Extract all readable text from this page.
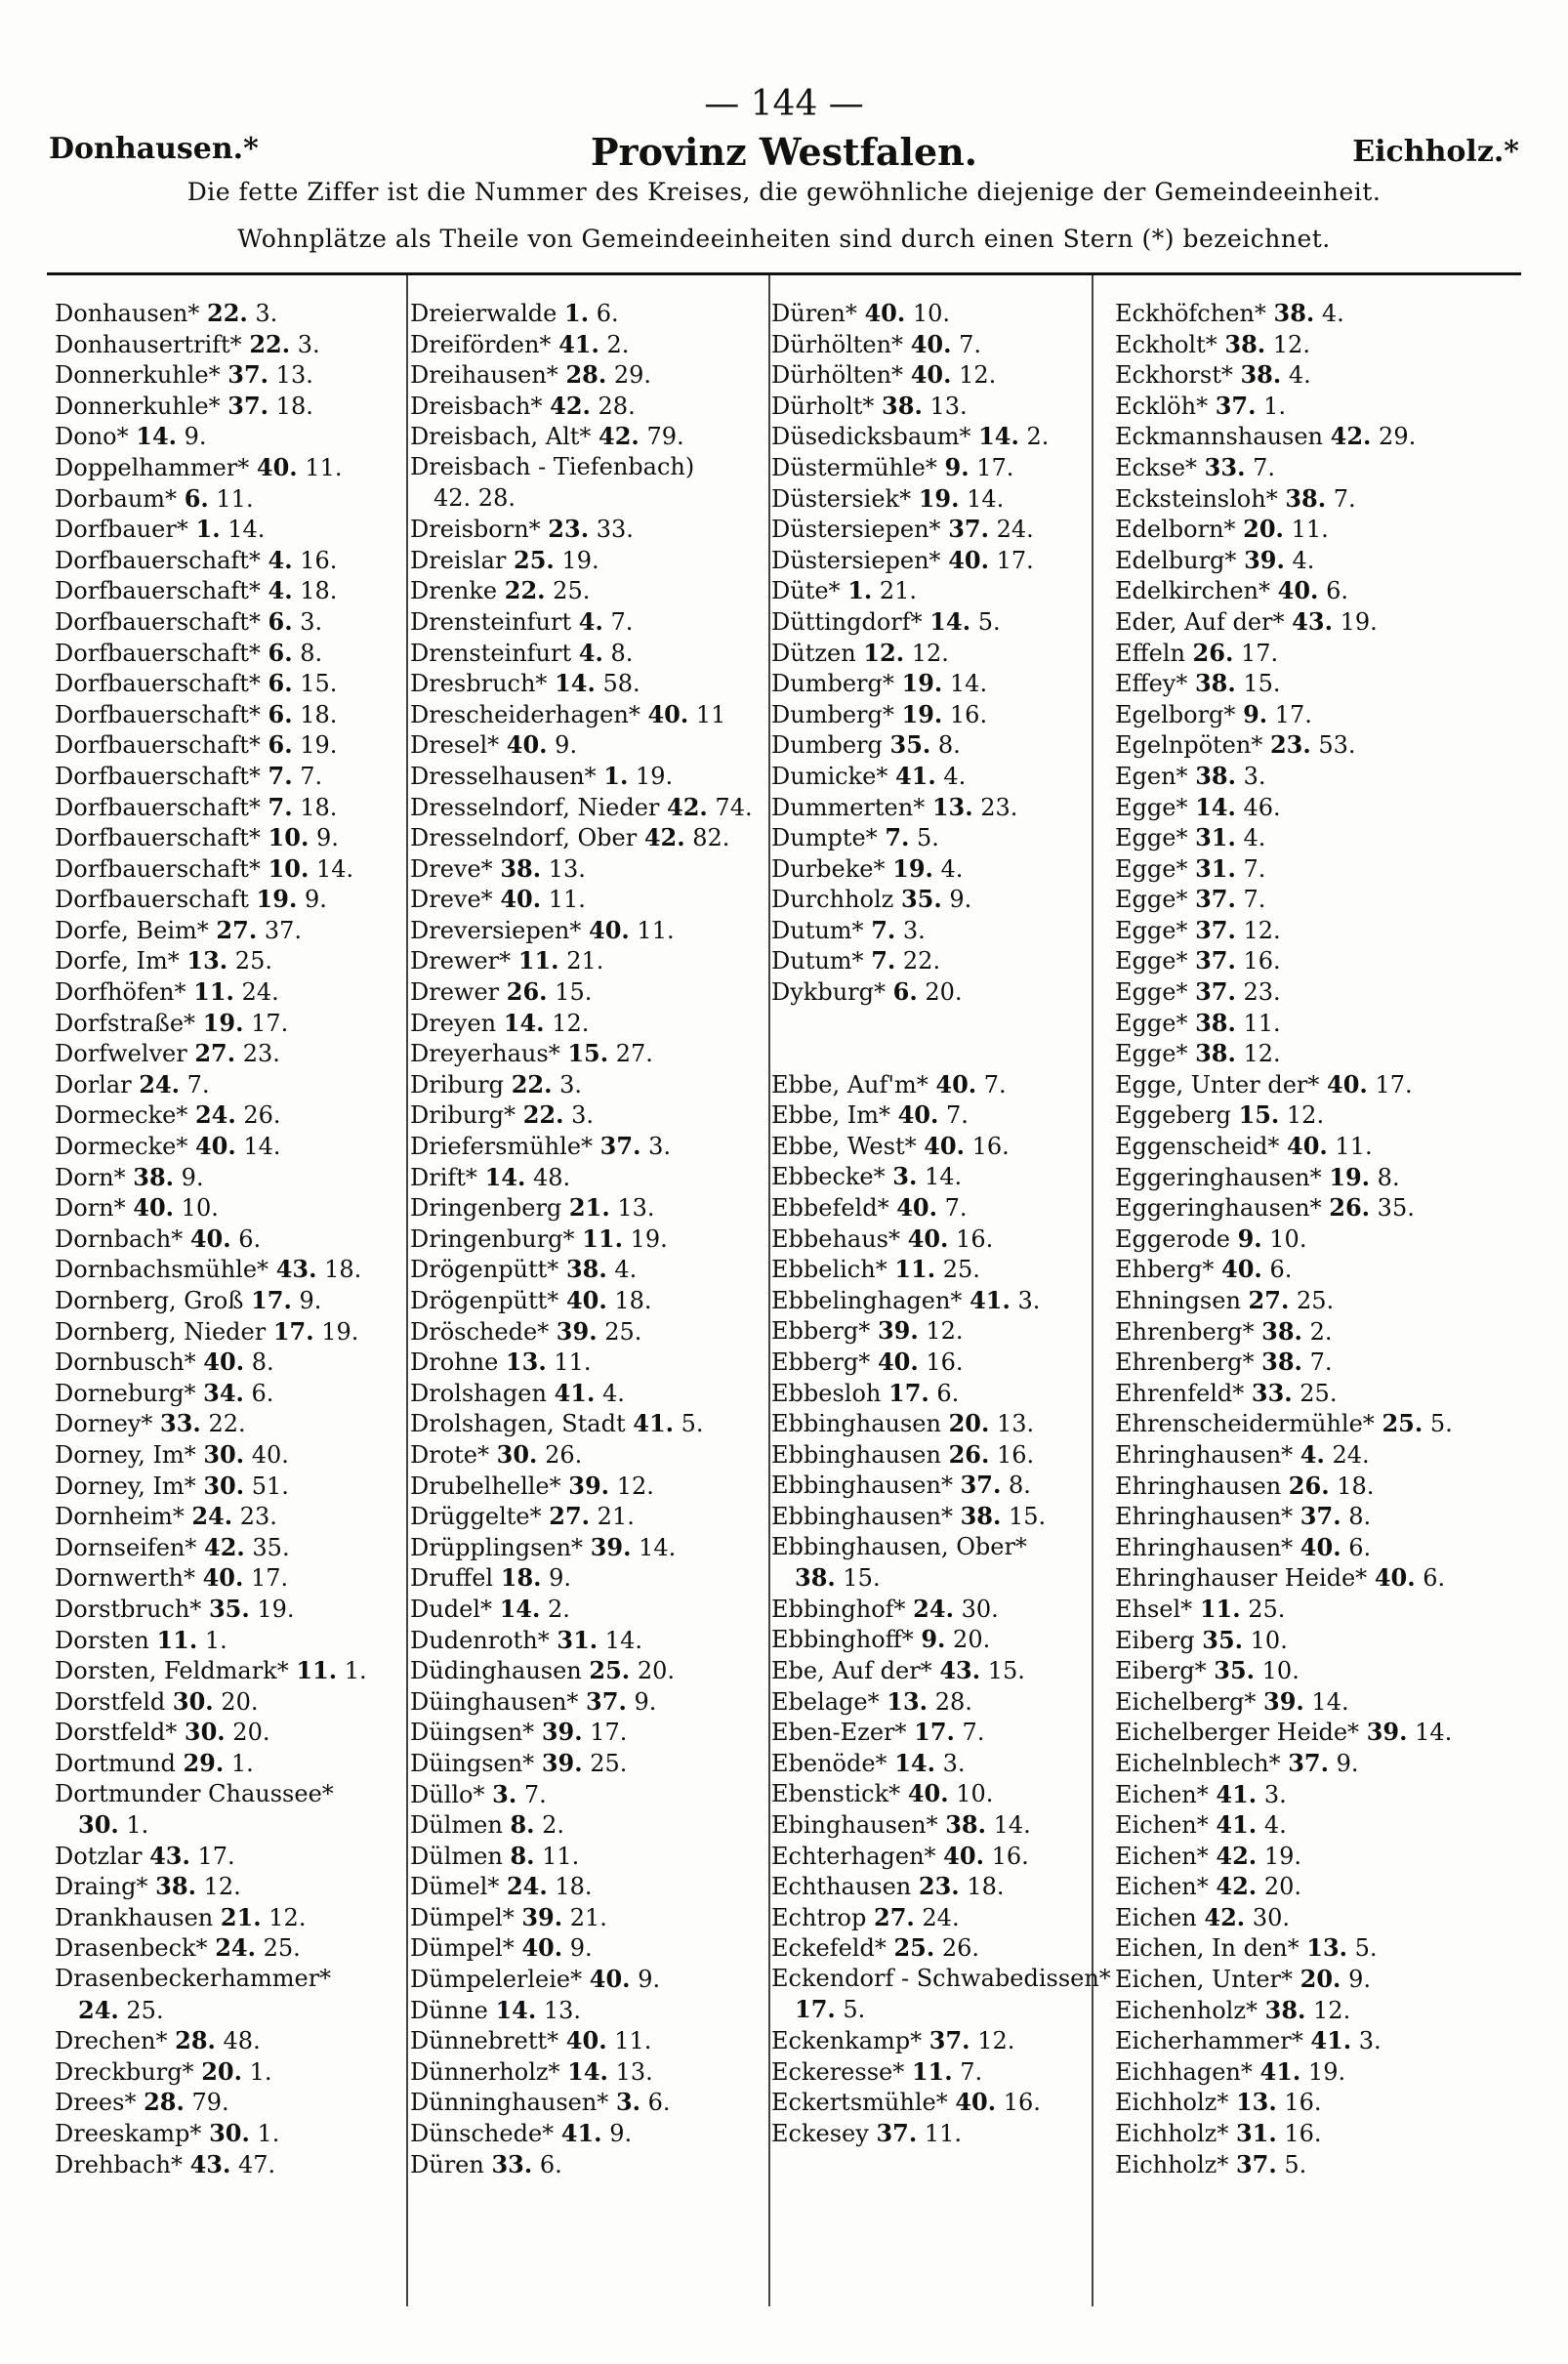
— 144 —
Donhausen.*	Provinz Westfalen.	Eichholz.*
Die fette Ziffer ist die Nummer des Kreises, die gewöhnliche diejenige der Gemeindeeinheit.
Wohnplätze als Theile von Gemeindeeinheiten sind durch einen Stern (*) bezeichnet.
Donhausen* 22. 3.
Donhausertrift* 22. 3.
Donnerkuhle* 37. 13.
Donnerkuhle* 37. 18.
Dono* 14. 9.
Doppelhammer* 40. 11.
Dorbaum* 6. 11.
Dorfbauer* 1. 14.
Dorfbauerschaft* 4. 16.
Dorfbauerschaft* 4. 18.
Dorfbauerschaft* 6. 3.
Dorfbauerschaft* 6. 8.
Dorfbauerschaft* 6. 15.
Dorfbauerschaft* 6. 18.
Dorfbauerschaft* 6. 19.
Dorfbauerschaft* 7. 7.
Dorfbauerschaft* 7. 18.
Dorfbauerschaft* 10. 9.
Dorfbauerschaft* 10. 14.
Dorfbauerschaft 19. 9.
Dorfe, Beim* 27. 37.
Dorfe, Im* 13. 25.
Dorfhöfen* 11. 24.
Dorfstraße* 19. 17.
Dorfwelver 27. 23.
Dorlar 24. 7.
Dormecke* 24. 26.
Dormecke* 40. 14.
Dorn* 38. 9.
Dorn* 40. 10.
Dornbach* 40. 6.
Dornbachsmühle* 43. 18.
Dornberg, Groß 17. 9.
Dornberg, Nieder 17. 19.
Dornbusch* 40. 8.
Dorneburg* 34. 6.
Dorney* 33. 22.
Dorney, Im* 30. 40.
Dorney, Im* 30. 51.
Dornheim* 24. 23.
Dornseifen* 42. 35.
Dornwerth* 40. 17.
Dorstbruch* 35. 19.
Dorsten 11. 1.
Dorsten, Feldmark* 11. 1.
Dorstfeld 30. 20.
Dorstfeld* 30. 20.
Dortmund 29. 1.
Dortmunder Chaussee*
30. 1.
Dotzlar 43. 17.
Draing* 38. 12.
Drankhausen 21. 12.
Drasenbeck* 24. 25.
Drasenbeckerhammer*
24. 25.
Drechen* 28. 48.
Dreckburg* 20. 1.
Drees* 28. 79.
Dreeskamp* 30. 1.
Drehbach* 43. 47.
Dreierwalde 1. 6.
Dreiförden* 41. 2.
Dreihausen* 28. 29.
Dreisbach* 42. 28.
Dreisbach, Alt* 42. 79.
Dreisbach - Tiefenbach)
42. 28.
Dreisborn* 23. 33.
Dreislar 25. 19.
Drenke 22. 25.
Drensteinfurt 4. 7.
Drensteinfurt 4. 8.
Dresbruch* 14. 58.
Drescheiderhagen* 40. 11
Dresel* 40. 9.
Dresselhausen* 1. 19.
Dresselndorf, Nieder 42. 74.
Dresselndorf, Ober 42. 82.
Dreve* 38. 13.
Dreve* 40. 11.
Dreversiepen* 40. 11.
Drewer* 11. 21.
Drewer 26. 15.
Dreyen 14. 12.
Dreyerhaus* 15. 27.
Driburg 22. 3.
Driburg* 22. 3.
Driefersmühle* 37. 3.
Drift* 14. 48.
Dringenberg 21. 13.
Dringenburg* 11. 19.
Drögenpütt* 38. 4.
Drögenpütt* 40. 18.
Dröschede* 39. 25.
Drohne 13. 11.
Drolshagen 41. 4.
Drolshagen, Stadt 41. 5.
Drote* 30. 26.
Drubelhelle* 39. 12.
Drüggelte* 27. 21.
Drüpplingsen* 39. 14.
Druffel 18. 9.
Dudel* 14. 2.
Dudenroth* 31. 14.
Düdinghausen 25. 20.
Düinghausen* 37. 9.
Düingsen* 39. 17.
Düingsen* 39. 25.
Düllo* 3. 7.
Dülmen 8. 2.
Dülmen 8. 11.
Dümel* 24. 18.
Dümpel* 39. 21.
Dümpel* 40. 9.
Dümpelerleie* 40. 9.
Dünne 14. 13.
Dünnebrett* 40. 11.
Dünnerholz* 14. 13.
Dünninghausen* 3. 6.
Dünschede* 41. 9.
Düren 33. 6.
Düren* 40. 10.
Dürhölten* 40. 7.
Dürhölten* 40. 12.
Dürholt* 38. 13.
Düsedicksbaum* 14. 2.
Düstermühle* 9. 17.
Düstersiek* 19. 14.
Düstersiepen* 37. 24.
Düstersiepen* 40. 17.
Düte* 1. 21.
Düttingdorf* 14. 5.
Dützen 12. 12.
Dumberg* 19. 14.
Dumberg* 19. 16.
Dumberg 35. 8.
Dumicke* 41. 4.
Dummerten* 13. 23.
Dumpte* 7. 5.
Durbeke* 19. 4.
Durchholz 35. 9.
Dutum* 7. 3.
Dutum* 7. 22.
Dykburg* 6. 20.
Ebbe, Auf'm* 40. 7.
Ebbe, Im* 40. 7.
Ebbe, West* 40. 16.
Ebbecke* 3. 14.
Ebbefeld* 40. 7.
Ebbehaus* 40. 16.
Ebbelich* 11. 25.
Ebbelinghagen* 41. 3.
Ebberg* 39. 12.
Ebberg* 40. 16.
Ebbesloh 17. 6.
Ebbinghausen 20. 13.
Ebbinghausen 26. 16.
Ebbinghausen* 37. 8.
Ebbinghausen* 38. 15.
Ebbinghausen, Ober*
38. 15.
Ebbinghof* 24. 30.
Ebbinghoff* 9. 20.
Ebe, Auf der* 43. 15.
Ebelage* 13. 28.
Eben-Ezer* 17. 7.
Ebenöde* 14. 3.
Ebenstick* 40. 10.
Ebinghausen* 38. 14.
Echterhagen* 40. 16.
Echthausen 23. 18.
Echtrop 27. 24.
Eckefeld* 25. 26.
Eckendorf - Schwabedissen*
17. 5.
Eckenkamp* 37. 12.
Eckeresse* 11. 7.
Eckertsmühle* 40. 16.
Eckesey 37. 11.
Eckhöfchen* 38. 4.
Eckholt* 38. 12.
Eckhorst* 38. 4.
Ecklöh* 37. 1.
Eckmannshausen 42. 29.
Eckse* 33. 7.
Ecksteinsloh* 38. 7.
Edelborn* 20. 11.
Edelburg* 39. 4.
Edelkirchen* 40. 6.
Eder, Auf der* 43. 19.
Effeln 26. 17.
Effey* 38. 15.
Egelborg* 9. 17.
Egelnpöten* 23. 53.
Egen* 38. 3.
Egge* 14. 46.
Egge* 31. 4.
Egge* 31. 7.
Egge* 37. 7.
Egge* 37. 12.
Egge* 37. 16.
Egge* 37. 23.
Egge* 38. 11.
Egge* 38. 12.
Egge, Unter der* 40. 17.
Eggeberg 15. 12.
Eggenscheid* 40. 11.
Eggeringhausen* 19. 8.
Eggeringhausen* 26. 35.
Eggerode 9. 10.
Ehberg* 40. 6.
Ehningsen 27. 25.
Ehrenberg* 38. 2.
Ehrenberg* 38. 7.
Ehrenfeld* 33. 25.
Ehrenscheidermühle* 25. 5.
Ehringhausen* 4. 24.
Ehringhausen 26. 18.
Ehringhausen* 37. 8.
Ehringhausen* 40. 6.
Ehringhauser Heide* 40. 6.
Ehsel* 11. 25.
Eiberg 35. 10.
Eiberg* 35. 10.
Eichelberg* 39. 14.
Eichelberger Heide* 39. 14.
Eichelnblech* 37. 9.
Eichen* 41. 3.
Eichen* 41. 4.
Eichen* 42. 19.
Eichen* 42. 20.
Eichen 42. 30.
Eichen, In den* 13. 5.
Eichen, Unter* 20. 9.
Eichenholz* 38. 12.
Eicherhammer* 41. 3.
Eichhagen* 41. 19.
Eichholz* 13. 16.
Eichholz* 31. 16.
Eichholz* 37. 5.
